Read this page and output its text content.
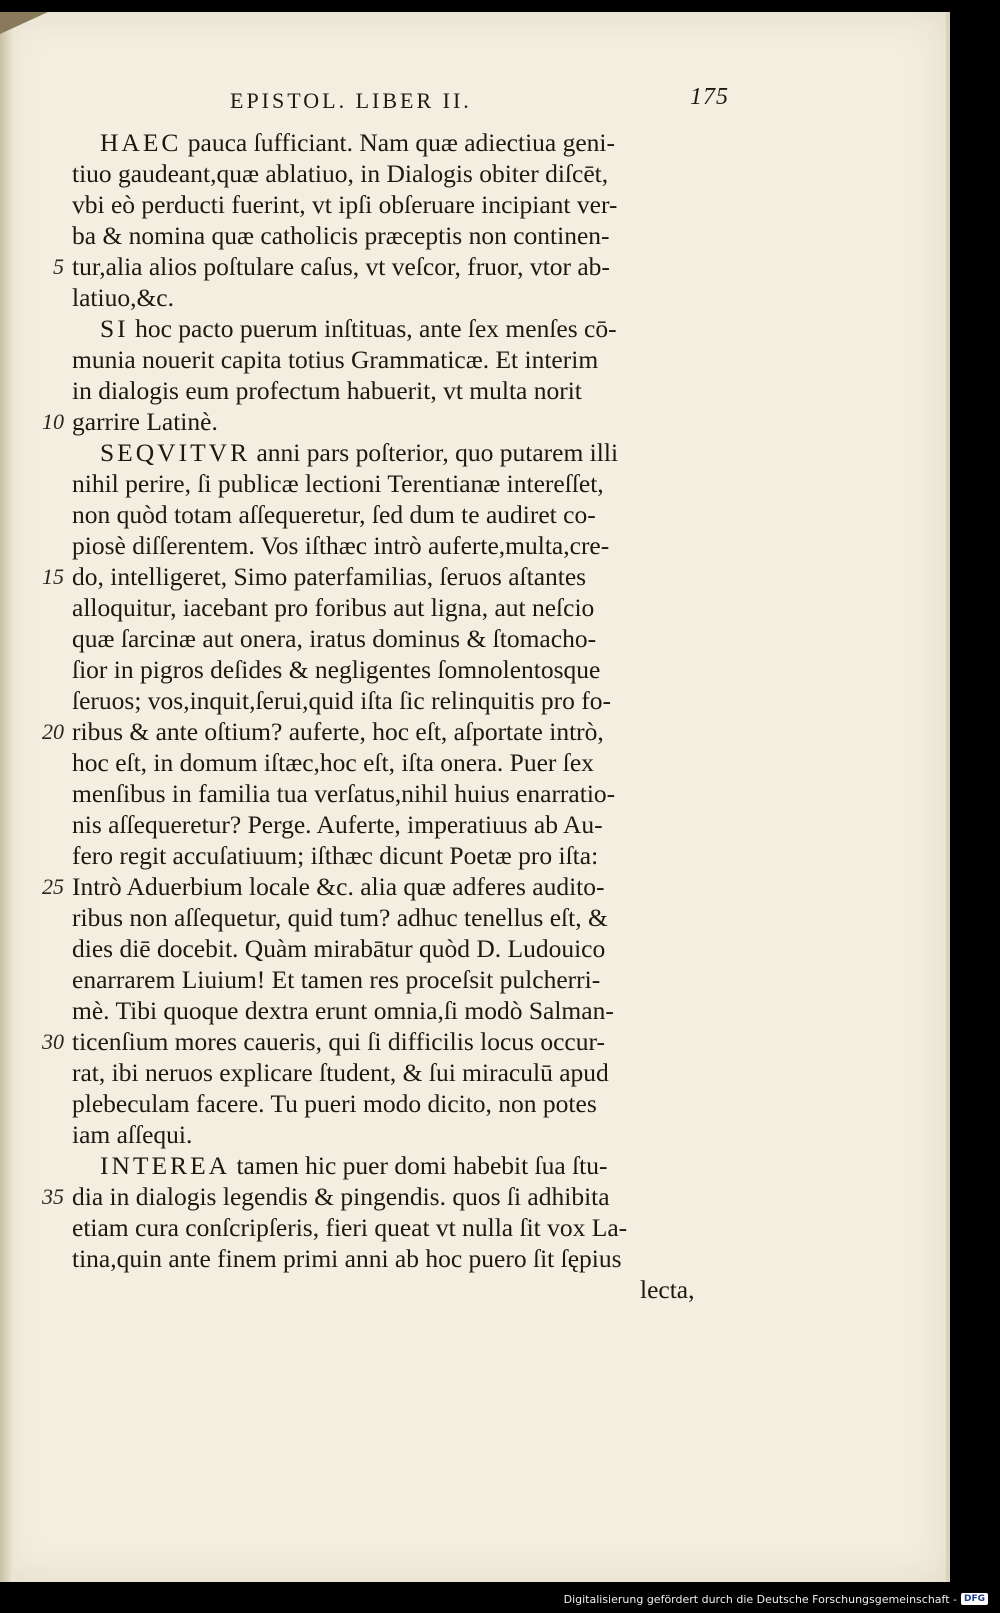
EPISTOL. LIBER II.	175
HAEC pauca ſufficiant. Nam quæ adiectiua geni-
tiuo gaudeant,quæ ablatiuo, in Dialogis obiter diſcēt,
vbi eò perducti fuerint, vt ipſi obſeruare incipiant ver-
ba & nomina quæ catholicis præceptis non continen-
5 tur,alia alios poſtulare caſus, vt veſcor, fruor, vtor ab-
latiuo,&c.
SI hoc pacto puerum inſtituas, ante ſex menſes cō-
munia nouerit capita totius Grammaticæ. Et interim
in dialogis eum profectum habuerit, vt multa norit
10 garrire Latinè.
SEQVITVR anni pars poſterior, quo putarem illi
nihil perire, ſi publicæ lectioni Terentianæ intereſſet,
non quòd totam aſſequeretur, ſed dum te audiret co-
piosè diſſerentem. Vos iſthæc intrò auferte,multa,cre-
15 do, intelligeret, Simo paterfamilias, ſeruos aſtantes
alloquitur, iacebant pro foribus aut ligna, aut neſcio
quæ ſarcinæ aut onera, iratus dominus & ſtomacho-
ſior in pigros deſides & negligentes ſomnolentosque
ſeruos; vos,inquit,ſerui,quid iſta ſic relinquitis pro fo-
20 ribus & ante oſtium? auferte, hoc eſt, aſportate intrò,
hoc eſt, in domum iſtæc,hoc eſt, iſta onera. Puer ſex
menſibus in familia tua verſatus,nihil huius enarratio-
nis aſſequeretur? Perge. Auferte, imperatiuus ab Au-
fero regit accuſatiuum; iſthæc dicunt Poetæ pro iſta:
25 Intrò Aduerbium locale &c. alia quæ adferes audito-
ribus non aſſequetur, quid tum? adhuc tenellus eſt, &
dies diē docebit. Quàm mirabātur quòd D. Ludouico
enarrarem Liuium! Et tamen res proceſsit pulcherri-
mè. Tibi quoque dextra erunt omnia,ſi modò Salman-
30 ticenſium mores caueris, qui ſi difficilis locus occur-
rat, ibi neruos explicare ſtudent, & ſui miraculū apud
plebeculam facere. Tu pueri modo dicito, non potes
iam aſſequi.
INTEREA tamen hic puer domi habebit ſua ſtu-
35 dia in dialogis legendis & pingendis. quos ſi adhibita
etiam cura conſcripſeris, fieri queat vt nulla ſit vox La-
tina,quin ante finem primi anni ab hoc puero ſit ſępius
lecta,
Digitalisierung gefördert durch die Deutsche Forschungsgemeinschaft - DFG
